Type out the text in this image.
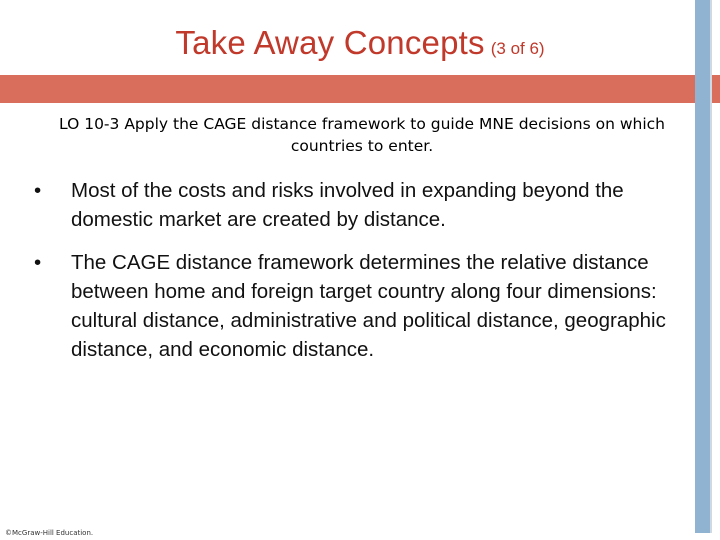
Take Away Concepts (3 of 6)
LO 10-3 Apply the CAGE distance framework to guide MNE decisions on which countries to enter.
•	Most of the costs and risks involved in expanding beyond the domestic market are created by distance.
•	The CAGE distance framework determines the relative distance between home and foreign target country along four dimensions: cultural distance, administrative and political distance, geographic distance, and economic distance.
©McGraw-Hill Education.
